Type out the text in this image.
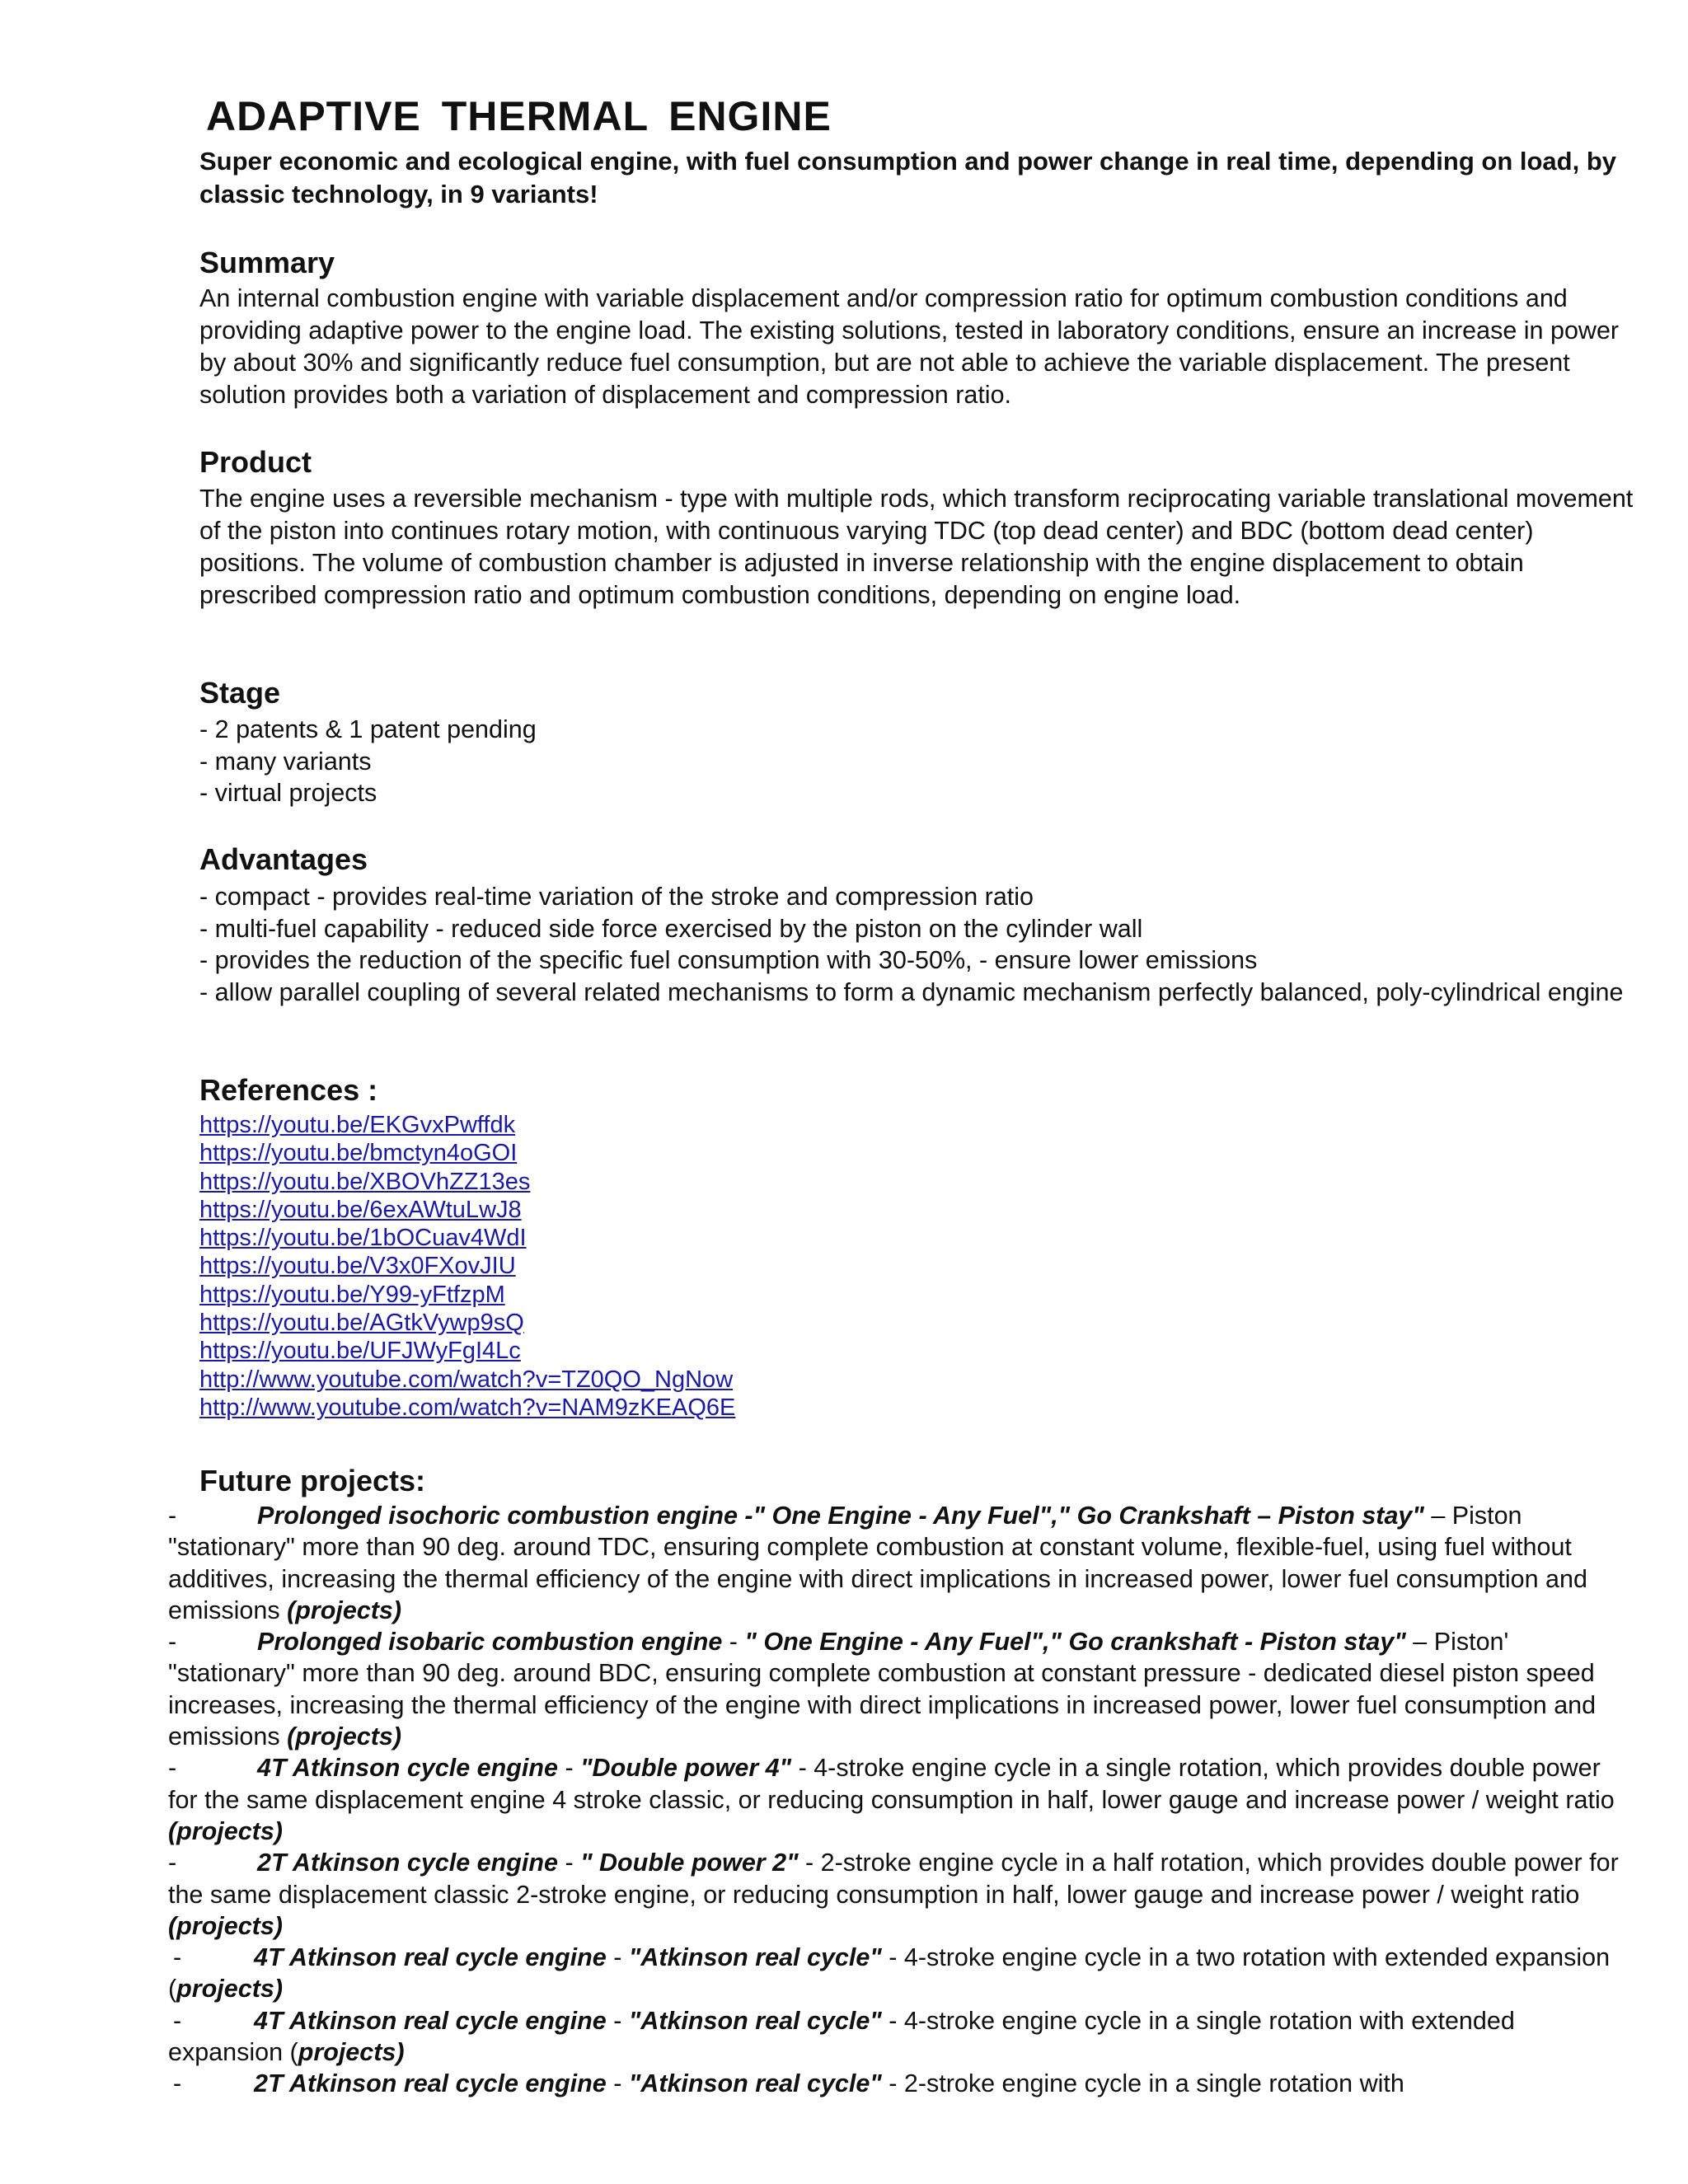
ADAPTIVE THERMAL ENGINE

Super economic and ecological engine, with fuel consumption and power change in real time, depending on load, by classic technology, in 9 variants!

Summary

An internal combustion engine with variable displacement and/or compression ratio for optimum combustion conditions and providing adaptive power to the engine load. The existing solutions, tested in laboratory conditions, ensure an increase in power by about 30% and significantly reduce fuel consumption, but are not able to achieve the variable displacement. The present solution provides both a variation of displacement and compression ratio.

Product

The engine uses a reversible mechanism - type with multiple rods, which transform reciprocating variable translational movement of the piston into continues rotary motion, with continuous varying TDC (top dead center) and BDC (bottom dead center) positions. The volume of combustion chamber is adjusted in inverse relationship with the engine displacement to obtain prescribed compression ratio and optimum combustion conditions, depending on engine load.

Stage
- 2 patents & 1 patent pending
- many variants
- virtual projects
Advantages
- compact - provides real-time variation of the stroke and compression ratio
- multi-fuel capability - reduced side force exercised by the piston on the cylinder wall
- provides the reduction of the specific fuel consumption with 30-50%, - ensure lower emissions
- allow parallel coupling of several related mechanisms to form a dynamic mechanism perfectly balanced, poly-cylindrical engine
References :
https://youtu.be/EKGvxPwffdk
https://youtu.be/bmctyn4oGOI
https://youtu.be/XBOVhZZ13es
https://youtu.be/6exAWtuLwJ8
https://youtu.be/1bOCuav4WdI
https://youtu.be/V3x0FXovJIU
https://youtu.be/Y99-yFtfzpM
https://youtu.be/AGtkVywp9sQ
https://youtu.be/UFJWyFgI4Lc
http://www.youtube.com/watch?v=TZ0QO_NgNow
http://www.youtube.com/watch?v=NAM9zKEAQ6E
Future projects:

-	Prolonged isochoric combustion engine -" One Engine - Any Fuel"," Go Crankshaft – Piston stay" – Piston "stationary" more than 90 deg. around TDC, ensuring complete combustion at constant volume, flexible-fuel, using fuel without additives, increasing the thermal efficiency of the engine with direct implications in increased power, lower fuel consumption and emissions (projects)

-	Prolonged isobaric combustion engine - " One Engine - Any Fuel"," Go crankshaft - Piston stay" – Piston' "stationary" more than 90 deg. around BDC, ensuring complete combustion at constant pressure - dedicated diesel piston speed increases, increasing the thermal efficiency of the engine with direct implications in increased power, lower fuel consumption and emissions (projects)

-	4T Atkinson cycle engine - "Double power 4" - 4-stroke engine cycle in a single rotation, which provides double power for the same displacement engine 4 stroke classic, or reducing consumption in half, lower gauge and increase power / weight ratio (projects)

-	2T Atkinson cycle engine - " Double power 2" - 2-stroke engine cycle in a half rotation, which provides double power for the same displacement classic 2-stroke engine, or reducing consumption in half, lower gauge and increase power / weight ratio (projects)

-	4T Atkinson real cycle engine - "Atkinson real cycle" - 4-stroke engine cycle in a two rotation with extended expansion (projects)

-	4T Atkinson real cycle engine - "Atkinson real cycle" - 4-stroke engine cycle in a single rotation with extended expansion (projects)

-	2T Atkinson real cycle engine - "Atkinson real cycle" - 2-stroke engine cycle in a single rotation with
